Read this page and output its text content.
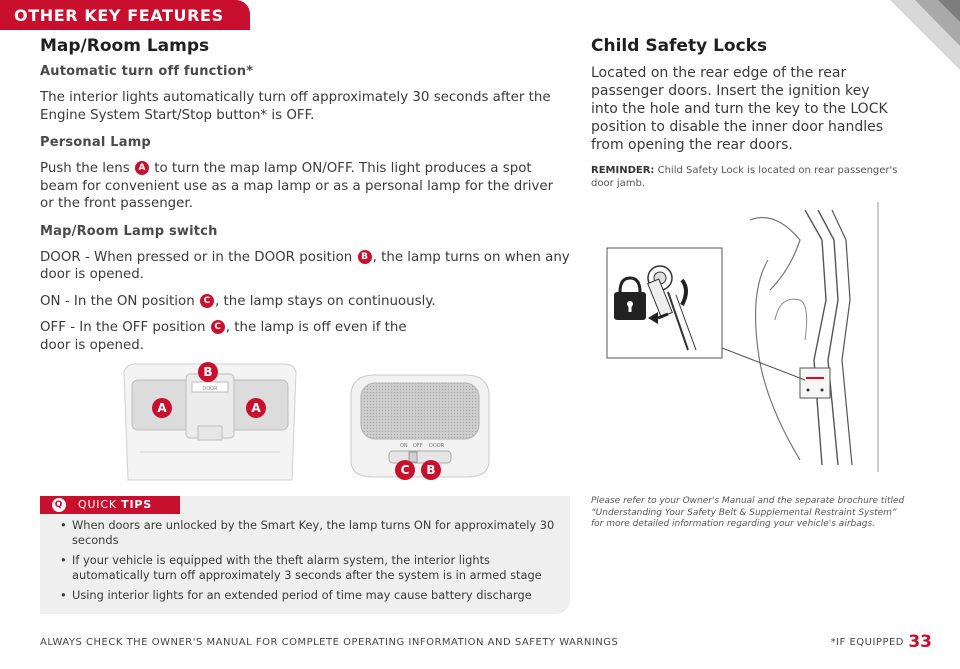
OTHER KEY FEATURES
Map/Room Lamps
Automatic turn off function*

The interior lights automatically turn off approximately 30 seconds after the Engine System Start/Stop button* is OFF.

Personal Lamp

Push the lens A to turn the map lamp ON/OFF. This light produces a spot beam for convenient use as a map lamp or as a personal lamp for the driver or the front passenger.

Map/Room Lamp switch

DOOR - When pressed or in the DOOR position B , the lamp turns on when any door is opened.

ON - In the ON position C , the lamp stays on continuously.

OFF - In the OFF position C , the lamp is off even if the door is opened.

DOOR
B
A	A
ON OFF DOOR
C B
Q QUICK TIPS
• When doors are unlocked by the Smart Key, the lamp turns ON for approximately 30 seconds
• If your vehicle is equipped with the theft alarm system, the interior lights automatically turn off approximately 3 seconds after the system is in armed stage
• Using interior lights for an extended period of time may cause battery discharge
Child Safety Locks

Located on the rear edge of the rear passenger doors. Insert the ignition key into the hole and turn the key to the LOCK position to disable the inner door handles from opening the rear doors.

REMINDER: Child Safety Lock is located on rear passenger's door jamb.

Please refer to your Owner's Manual and the separate brochure titled “Understanding Your Safety Belt & Supplemental Restraint System” for more detailed information regarding your vehicle's airbags.

ALWAYS CHECK THE OWNER'S MANUAL FOR COMPLETE OPERATING INFORMATION AND SAFETY WARNINGS	*IF EQUIPPED 33
